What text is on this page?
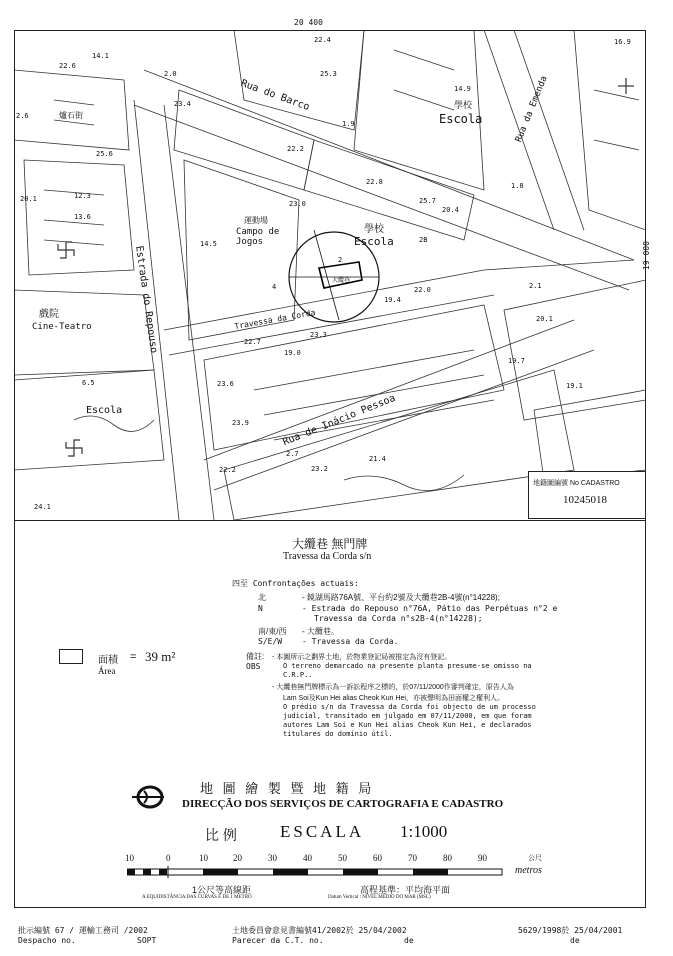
20 400
19 000
Rua do Barco
Travessa da Corda
Rua de Inácio Pessoa
Estrada do Repouso
Rua da Emenda
戲院
Cine-Teatro
運動場
Campo de Jogos
學校
Escola
Escola
學校
Escola
爐石街
大纜巷
22.4
14.1
22.6
25.3
14.9
23.4
22.2
23.0
22.8
25.7
20.4
14.5
22.0
19.4
23.3
22.7
19.0
23.6
23.9
19.7
20.1
19.1
21.4
23.2
24.1
22.2
6.5
25.6
12.3
13.6
20.1
2.6
16.9
2.0
1.9
1.8
2.1
2.7
2
4
2B
地籍圖編號 No CADASTRO
10245018
大纜巷 無門牌
Travessa da Corda s/n
四至 Confrontações actuais:
北	- 鏡湖馬路76A號、平台約2號及大纜巷2B-4號(n°14228);
N	- Estrada do Repouso n°76A, Pátio das Perpétuas n°2 e
Travessa da Corda n°s2B-4(n°14228);
南/東/西 - 大纜巷。
S/E/W - Travessa da Corda.
面積
Área
= 39 m²	備註:
OBS
- 本圖所示之劃界土地，於物業登記局被推定為沒有登記。
O terreno demarcado na presente planta presume-se omisso na
C.R.P..
- 大纜巷無門牌標示為一訴訟程序之標的，於07/11/2000作審判確定，原告人為
Lam Soi及Kun Hei alias Cheok Kun Hei，亦被聲明為田面權之權利人。
O prédio s/n da Travessa da Corda foi objecto de um processo
judicial, transitado em julgado em 07/11/2000, em que foram
autores Lam Soi e Kun Hei alias Cheok Kun Hei, e declarados
titulares do domínio útil.
地 圖 繪 製 暨 地 籍 局
DIRECÇÃO DOS SERVIÇOS DE CARTOGRAFIA E CADASTRO
比 例	ESCALA 1:1000
10	0	10	20	30	40	50	60	70	80	90	公尺
metros
1公尺等高線距
A EQUIDISTÂNCIA DAS CURVAS É DE 1 METRO
高程基準：平均海平面
Datum Vertical : NÍVEL MÉDIO DO MAR (MSL)
批示編號 67 / 運輸工務司 /2002
Despacho no.	SOPT
土地委員會意見書編號41/2002於 25/04/2002
Parecer da C.T. no.	de
5629/1998於 25/04/2001
de
